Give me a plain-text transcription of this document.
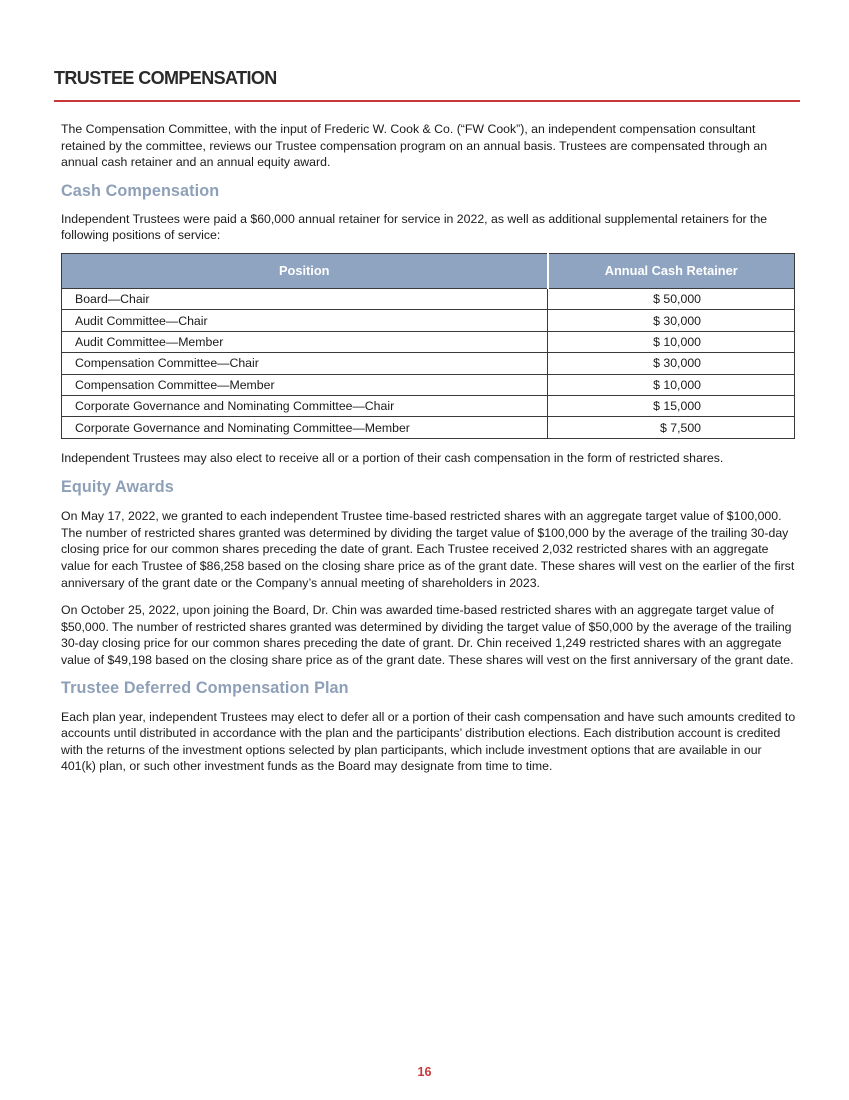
TRUSTEE COMPENSATION

The Compensation Committee, with the input of Frederic W. Cook & Co. (“FW Cook”), an independent compensation consultant retained by the committee, reviews our Trustee compensation program on an annual basis. Trustees are compensated through an annual cash retainer and an annual equity award.

Cash Compensation

Independent Trustees were paid a $60,000 annual retainer for service in 2022, as well as additional supplemental retainers for the following positions of service:

Position	Annual Cash Retainer
Board—Chair	$ 50,000
Audit Committee—Chair	$ 30,000
Audit Committee—Member	$ 10,000
Compensation Committee—Chair	$ 30,000
Compensation Committee—Member	$ 10,000
Corporate Governance and Nominating Committee—Chair	$ 15,000
Corporate Governance and Nominating Committee—Member	$ 7,500

Independent Trustees may also elect to receive all or a portion of their cash compensation in the form of restricted shares.

Equity Awards

On May 17, 2022, we granted to each independent Trustee time-based restricted shares with an aggregate target value of $100,000. The number of restricted shares granted was determined by dividing the target value of $100,000 by the average of the trailing 30-day closing price for our common shares preceding the date of grant. Each Trustee received 2,032 restricted shares with an aggregate value for each Trustee of $86,258 based on the closing share price as of the grant date. These shares will vest on the earlier of the first anniversary of the grant date or the Company’s annual meeting of shareholders in 2023.

On October 25, 2022, upon joining the Board, Dr. Chin was awarded time-based restricted shares with an aggregate target value of $50,000. The number of restricted shares granted was determined by dividing the target value of $50,000 by the average of the trailing 30-day closing price for our common shares preceding the date of grant. Dr. Chin received 1,249 restricted shares with an aggregate value of $49,198 based on the closing share price as of the grant date. These shares will vest on the first anniversary of the grant date.

Trustee Deferred Compensation Plan

Each plan year, independent Trustees may elect to defer all or a portion of their cash compensation and have such amounts credited to accounts until distributed in accordance with the plan and the participants’ distribution elections. Each distribution account is credited with the returns of the investment options selected by plan participants, which include investment options that are available in our 401(k) plan, or such other investment funds as the Board may designate from time to time.

16
